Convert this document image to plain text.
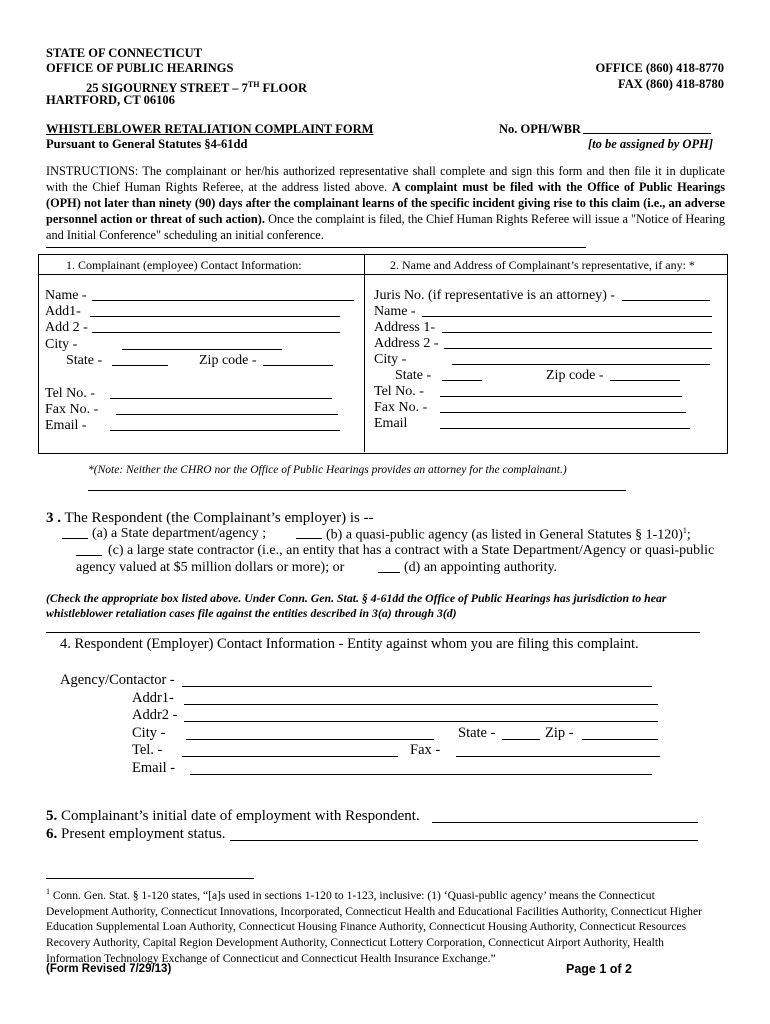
STATE OF CONNECTICUT
OFFICE OF PUBLIC HEARINGS
25 SIGOURNEY STREET – 7TH FLOOR
HARTFORD, CT 06106
OFFICE (860) 418-8770
FAX (860) 418-8780
WHISTLEBLOWER RETALIATION COMPLAINT FORM
Pursuant to General Statutes §4-61dd
No. OPH/WBR
[to be assigned by OPH]
INSTRUCTIONS: The complainant or her/his authorized representative shall complete and sign this form and then file it in duplicate with the Chief Human Rights Referee, at the address listed above. A complaint must be filed with the Office of Public Hearings (OPH) not later than ninety (90) days after the complainant learns of the specific incident giving rise to this claim (i.e., an adverse personnel action or threat of such action). Once the complaint is filed, the Chief Human Rights Referee will issue a "Notice of Hearing and Initial Conference" scheduling an initial conference.
1. Complainant (employee) Contact Information:	2. Name and Address of Complainant’s representative, if any: *
Name -
Add1-
Add 2 -
City -
State -	Zip code -
Tel No. -
Fax No. -
Email -
Juris No. (if representative is an attorney) -
Name -
Address 1-
Address 2 -
City -
State -	Zip code -
Tel No. -
Fax No. -
Email
*(Note: Neither the CHRO nor the Office of Public Hearings provides an attorney for the complainant.)
3 . The Respondent (the Complainant’s employer) is --
(a) a State department/agency ;	(b) a quasi-public agency (as listed in General Statutes § 1-120)$^1$;
(c) a large state contractor (i.e., an entity that has a contract with a State Department/Agency or quasi-public
agency valued at $5 million dollars or more); or	(d) an appointing authority.
(Check the appropriate box listed above. Under Conn. Gen. Stat. § 4-61dd the Office of Public Hearings has jurisdiction to hear
whistleblower retaliation cases file against the entities described in 3(a) through 3(d)
4. Respondent (Employer) Contact Information - Entity against whom you are filing this complaint.
Agency/Contactor -
Addr1-
Addr2 -
City -	State -	Zip -
Tel. -	Fax -
Email -
5. Complainant’s initial date of employment with Respondent.
6. Present employment status.
$^1$ Conn. Gen. Stat. § 1-120 states, “[a]s used in sections 1-120 to 1-123, inclusive: (1) ‘Quasi-public agency’ means the Connecticut Development Authority, Connecticut Innovations, Incorporated, Connecticut Health and Educational Facilities Authority, Connecticut Higher Education Supplemental Loan Authority, Connecticut Housing Finance Authority, Connecticut Housing Authority, Connecticut Resources Recovery Authority, Capital Region Development Authority, Connecticut Lottery Corporation, Connecticut Airport Authority, Health Information Technology Exchange of Connecticut and Connecticut Health Insurance Exchange.”
(Form Revised 7/29/13)	Page 1 of 2
